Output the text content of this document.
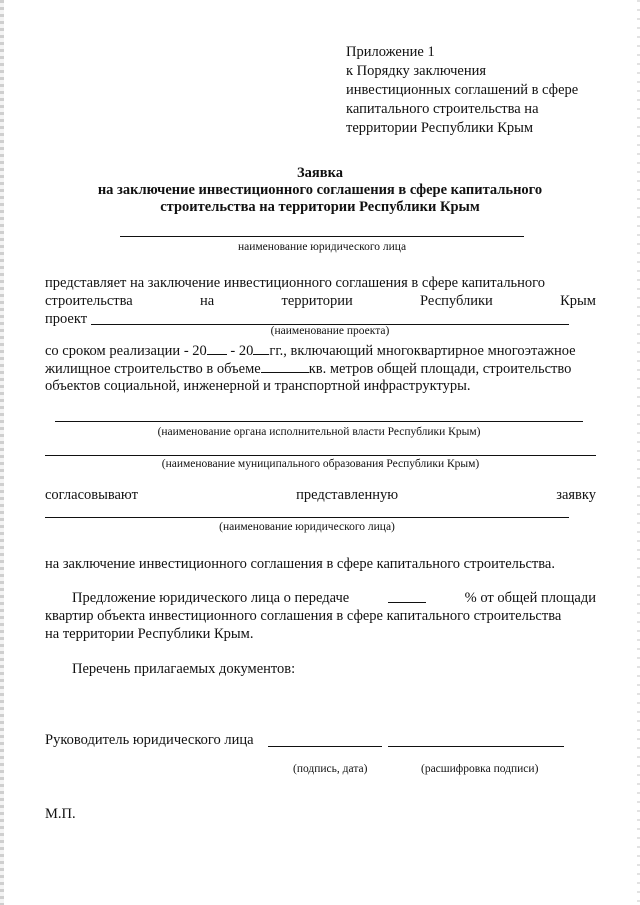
Приложение 1
к Порядку заключения
инвестиционных соглашений в сфере
капитального строительства на
территории Республики Крым
Заявка
на заключение инвестиционного соглашения в сфере капитального
строительства на территории Республики Крым
наименование юридического лица
представляет на заключение инвестиционного соглашения в сфере капитального
строительства	на	территории	Республики	Крым
проект
(наименование проекта)
со сроком реализации - 20 - 20 гг., включающий многоквартирное многоэтажное
жилищное строительство в объеме	кв. метров общей площади, строительство
объектов социальной, инженерной и транспортной инфраструктуры.
(наименование органа исполнительной власти Республики Крым)
(наименование муниципального образования Республики Крым)
согласовывают	представленную	заявку
(наименование юридического лица)
на заключение инвестиционного соглашения в сфере капитального строительства.
Предложение юридического лица о передаче	% от общей площади
квартир объекта инвестиционного соглашения в сфере капитального строительства
на территории Республики Крым.
Перечень прилагаемых документов:
Руководитель юридического лица
(подпись, дата)	(расшифровка подписи)
М.П.
